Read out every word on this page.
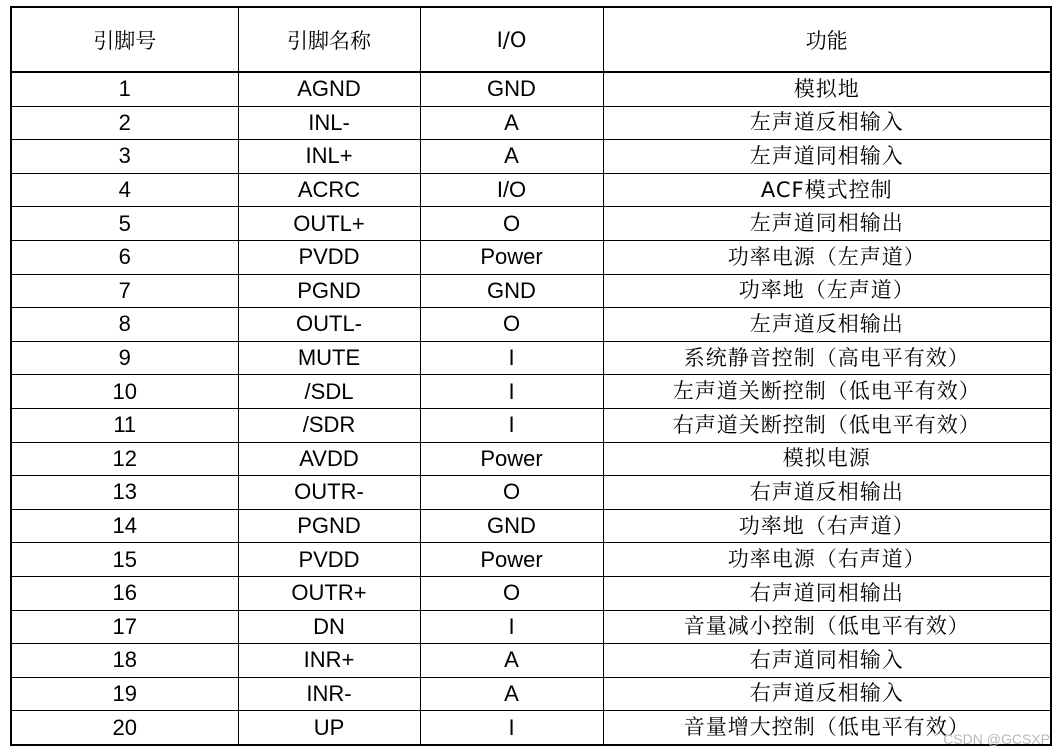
引脚号	引脚名称	I/O	功能
1	AGND	GND	模拟地
2	INL-	A	左声道反相输入
3	INL+	A	左声道同相输入
4	ACRC	I/O	ACF模式控制
5	OUTL+	O	左声道同相输出
6	PVDD	Power	功率电源（左声道）
7	PGND	GND	功率地（左声道）
8	OUTL-	O	左声道反相输出
9	MUTE	I	系统静音控制（高电平有效）
10	/SDL	I	左声道关断控制（低电平有效）
11	/SDR	I	右声道关断控制（低电平有效）
12	AVDD	Power	模拟电源
13	OUTR-	O	右声道反相输出
14	PGND	GND	功率地（右声道）
15	PVDD	Power	功率电源（右声道）
16	OUTR+	O	右声道同相输出
17	DN	I	音量减小控制（低电平有效）
18	INR+	A	右声道同相输入
19	INR-	A	右声道反相输入
20	UP	I	音量增大控制（低电平有效）
CSDN @GCSXP
